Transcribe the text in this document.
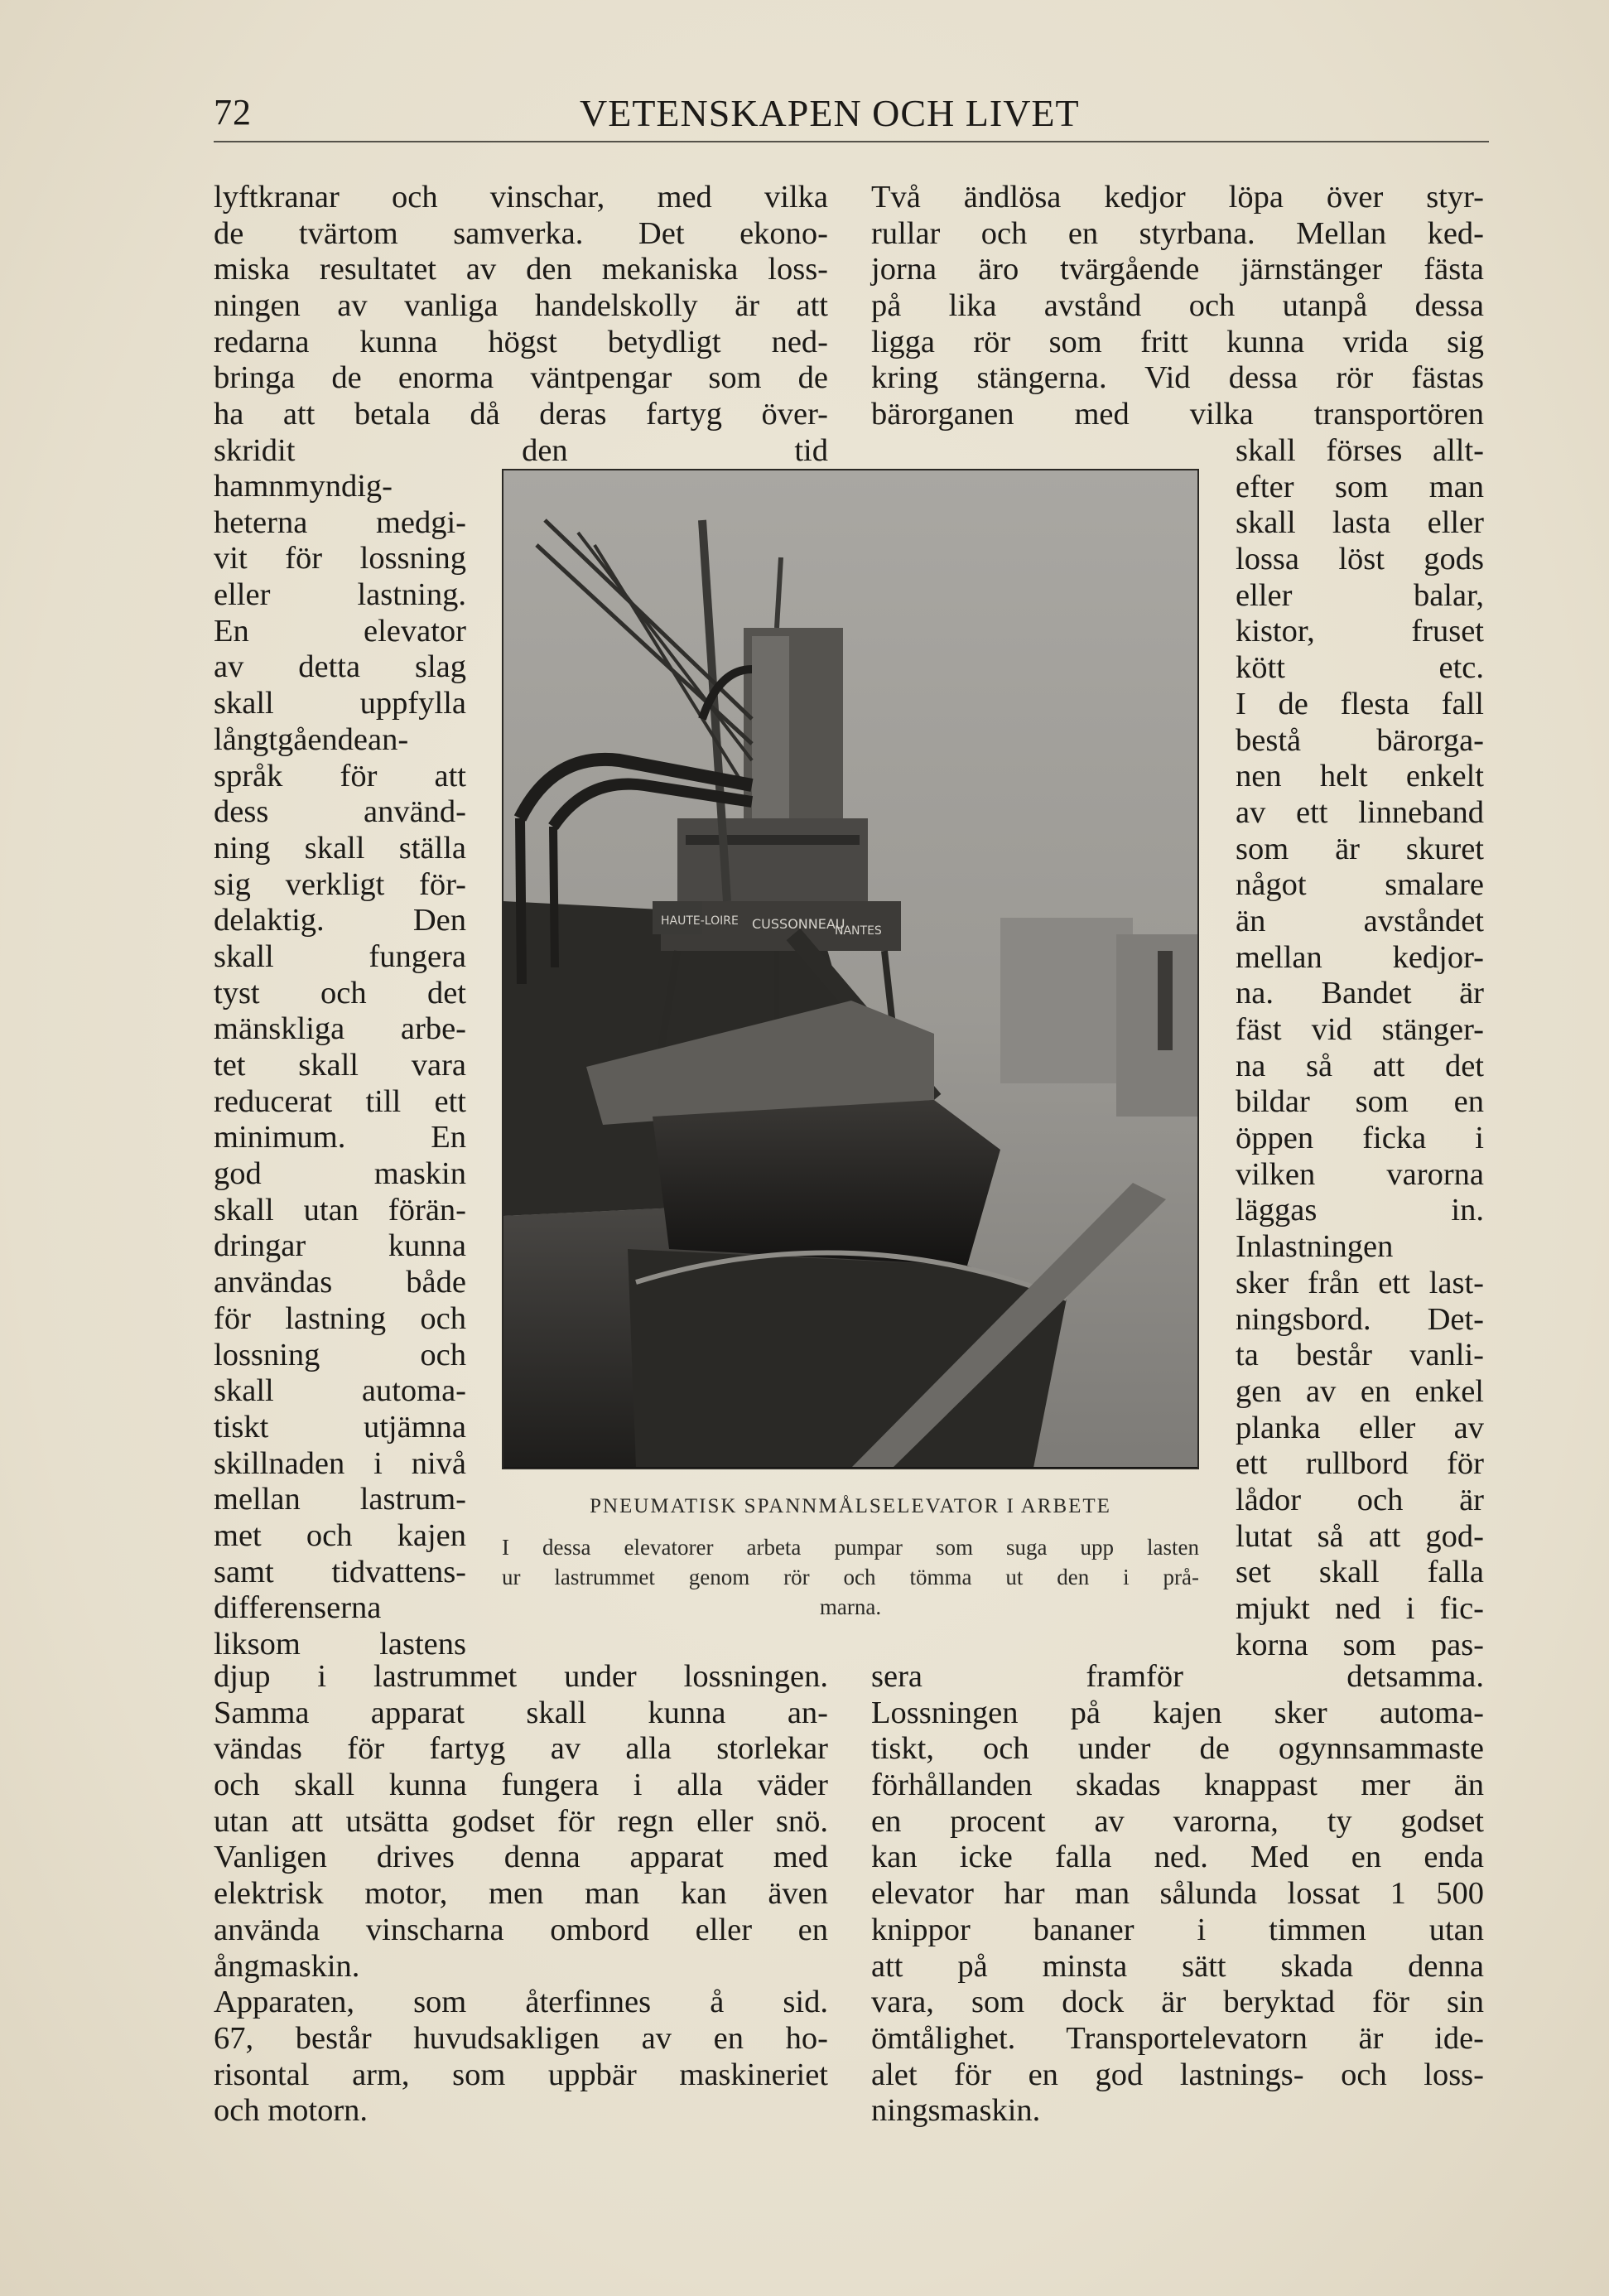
72	VETENSKAPEN OCH LIVET
lyftkranar och vinschar, med vilka
de tvärtom samverka. Det ekono-
miska resultatet av den mekaniska loss-
ningen av vanliga handelskolly är att
redarna kunna högst betydligt ned-
bringa de enorma väntpengar som de
ha att betala då deras fartyg över-
skridit den tid
hamnmyndig-
heterna medgi-
vit för lossning
eller lastning.
En elevator
av detta slag
skall uppfylla
långtgåendean-
språk för att
dess använd-
ning skall ställa
sig verkligt för-
delaktig. Den
skall fungera
tyst och det
mänskliga arbe-
tet skall vara
reducerat till ett
minimum. En
god maskin
skall utan förän-
dringar kunna
användas både
för lastning och
lossning och
skall automa-
tiskt utjämna
skillnaden i nivå
mellan lastrum-
met och kajen
samt tidvattens-
differenserna
liksom lastens
djup i lastrummet under lossningen.
Samma apparat skall kunna an-
vändas för fartyg av alla storlekar
och skall kunna fungera i alla väder
utan att utsätta godset för regn eller snö.
Vanligen drives denna apparat med
elektrisk motor, men man kan även
använda vinscharna ombord eller en
ångmaskin.
Apparaten, som återfinnes å sid.
67, består huvudsakligen av en ho-
risontal arm, som uppbär maskineriet
och motorn.
Två ändlösa kedjor löpa över styr-
rullar och en styrbana. Mellan ked-
jorna äro tvärgående järnstänger fästa
på lika avstånd och utanpå dessa
ligga rör som fritt kunna vrida sig
kring stängerna. Vid dessa rör fästas
bärorganen med vilka transportören
skall förses allt-
efter som man
skall lasta eller
lossa löst gods
eller balar,
kistor, fruset
kött etc.
I de flesta fall
bestå bärorga-
nen helt enkelt
av ett linneband
som är skuret
något smalare
än avståndet
mellan kedjor-
na. Bandet är
fäst vid stänger-
na så att det
bildar som en
öppen ficka i
vilken varorna
läggas in.
Inlastningen
sker från ett last-
ningsbord. Det-
ta består vanli-
gen av en enkel
planka eller av
ett rullbord för
lådor och är
lutat så att god-
set skall falla
mjukt ned i fic-
korna som pas-
sera framför detsamma.
Lossningen på kajen sker automa-
tiskt, och under de ogynnsammaste
förhållanden skadas knappast mer än
en procent av varorna, ty godset
kan icke falla ned. Med en enda
elevator har man sålunda lossat 1 500
knippor bananer i timmen utan
att på minsta sätt skada denna
vara, som dock är beryktad för sin
ömtålighet. Transportelevatorn är ide-
alet för en god lastnings- och loss-
ningsmaskin.
HAUTE-LOIRE CUSSONNEAU
NANTES
PNEUMATISK SPANNMÅLSELEVATOR I ARBETE
I dessa elevatorer arbeta pumpar som suga upp lasten
ur lastrummet genom rör och tömma ut den i prå-
marna.
